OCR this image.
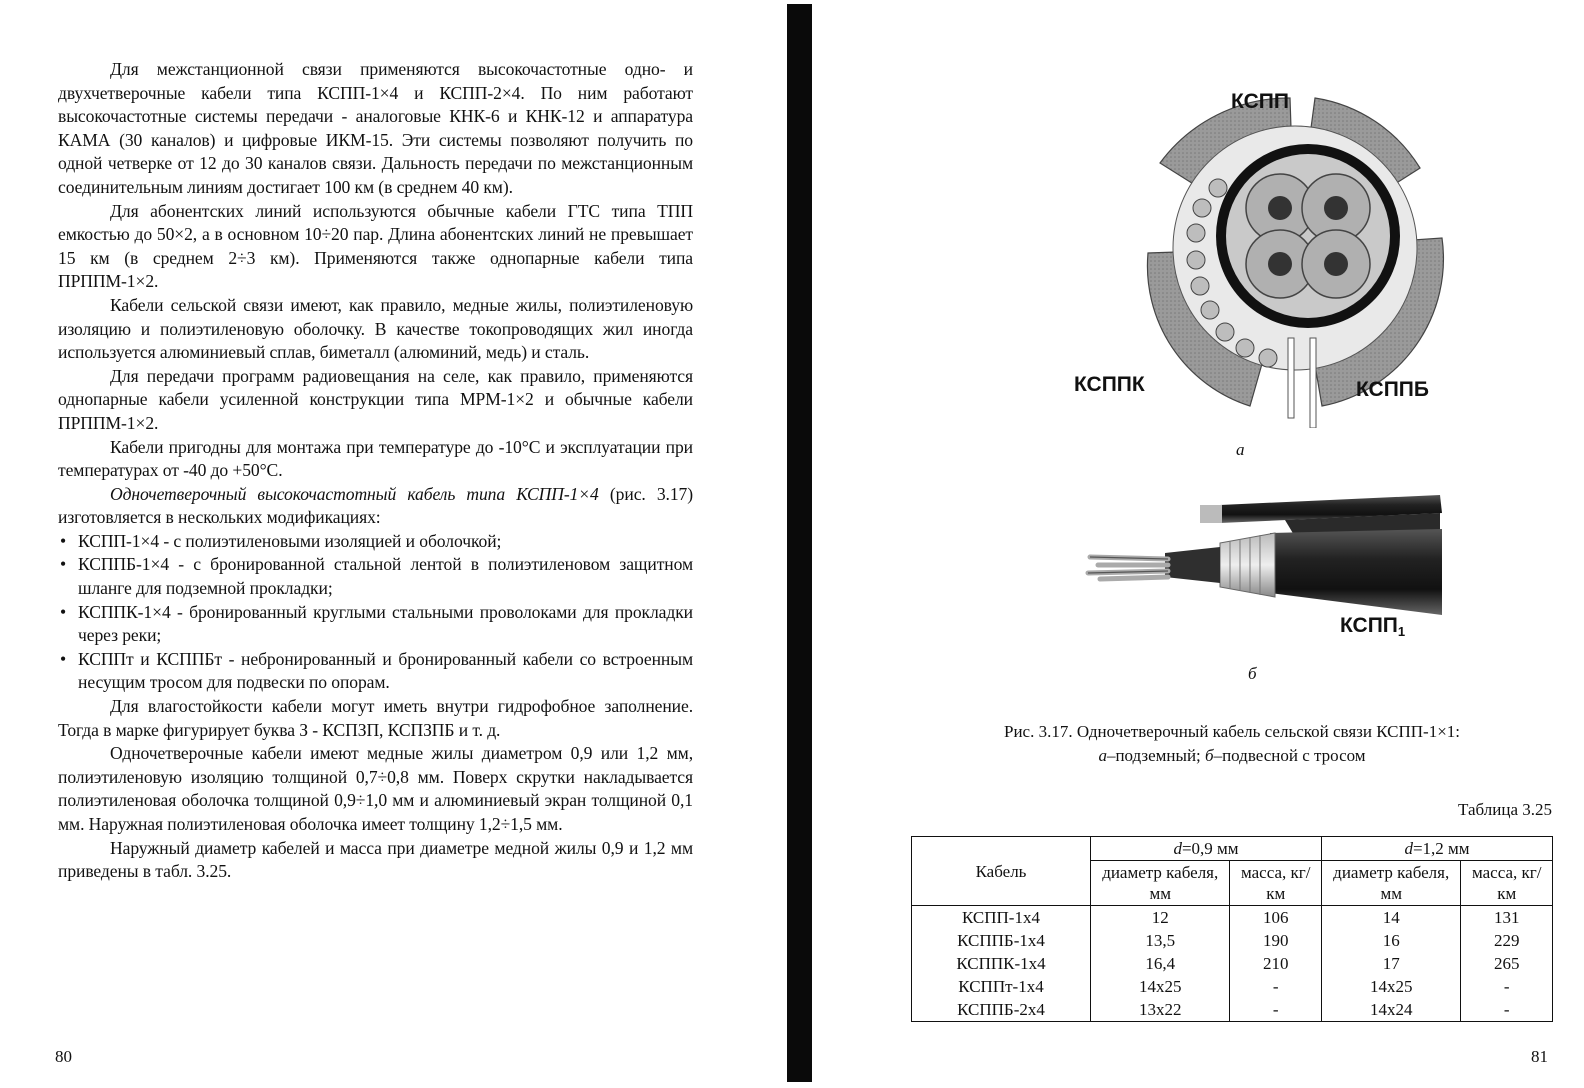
Для межстанционной связи применяются высокочастотные одно- и двухчетверочные кабели типа КСПП-1×4 и КСПП-2×4. По ним работают высокочастотные системы передачи - аналоговые КНК-6 и КНК-12 и аппаратура КАМА (30 каналов) и цифровые ИКМ-15. Эти системы позволяют получить по одной четверке от 12 до 30 каналов связи. Дальность передачи по межстанционным соединительным линиям достигает 100 км (в среднем 40 км).

Для абонентских линий используются обычные кабели ГТС типа ТПП емкостью до 50×2, а в основном 10÷20 пар. Длина абонентских линий не превышает 15 км (в среднем 2÷3 км). Применяются также однопарные кабели типа ПРППМ-1×2.

Кабели сельской связи имеют, как правило, медные жилы, полиэтиленовую изоляцию и полиэтиленовую оболочку. В качестве токопроводящих жил иногда используется алюминиевый сплав, биметалл (алюминий, медь) и сталь.

Для передачи программ радиовещания на селе, как правило, применяются однопарные кабели усиленной конструкции типа МРМ-1×2 и обычные кабели ПРППМ-1×2.

Кабели пригодны для монтажа при температуре до -10°С и эксплуатации при температурах от -40 до +50°С.

Одночетверочный высокочастотный кабель типа КСПП-1×4 (рис. 3.17) изготовляется в нескольких модификациях:

• КСПП-1×4 - с полиэтиленовыми изоляцией и оболочкой;
• КСППБ-1×4 - с бронированной стальной лентой в полиэтиленовом защитном шланге для подземной прокладки;
• КСППК-1×4 - бронированный круглыми стальными проволоками для прокладки через реки;
• КСППт и КСППБт - небронированный и бронированный кабели со встроенным несущим тросом для подвески по опорам.

Для влагостойкости кабели могут иметь внутри гидрофобное заполнение. Тогда в марке фигурирует буква З - КСПЗП, КСПЗПБ и т. д.

Одночетверочные кабели имеют медные жилы диаметром 0,9 или 1,2 мм, полиэтиленовую изоляцию толщиной 0,7÷0,8 мм. Поверх скрутки накладывается полиэтиленовая оболочка толщиной 0,9÷1,0 мм и алюминиевый экран толщиной 0,1 мм. Наружная полиэтиленовая оболочка имеет толщину 1,2÷1,5 мм.

Наружный диаметр кабелей и масса при диаметре медной жилы 0,9 и 1,2 мм приведены в табл. 3.25.

80
КСПП
КСППК	КСППБ
а
$КСПП_1$
б
Рис. 3.17. Одночетверочный кабель сельской связи КСПП-1×1:
а–подземный; б–подвесной с тросом
Таблица 3.25
Кабель	d=0,9 мм		d=1,2 мм	
	диаметр кабеля, мм	масса, кг/км	диаметр кабеля, мм	масса, кг/км
КСПП-1х4	12	106	14	131
КСППБ-1х4	13,5	190	16	229
КСППК-1х4	16,4	210	17	265
КСППт-1х4	14х25	-	14х25	-
КСППБ-2х4	13х22	-	14х24	-
81
